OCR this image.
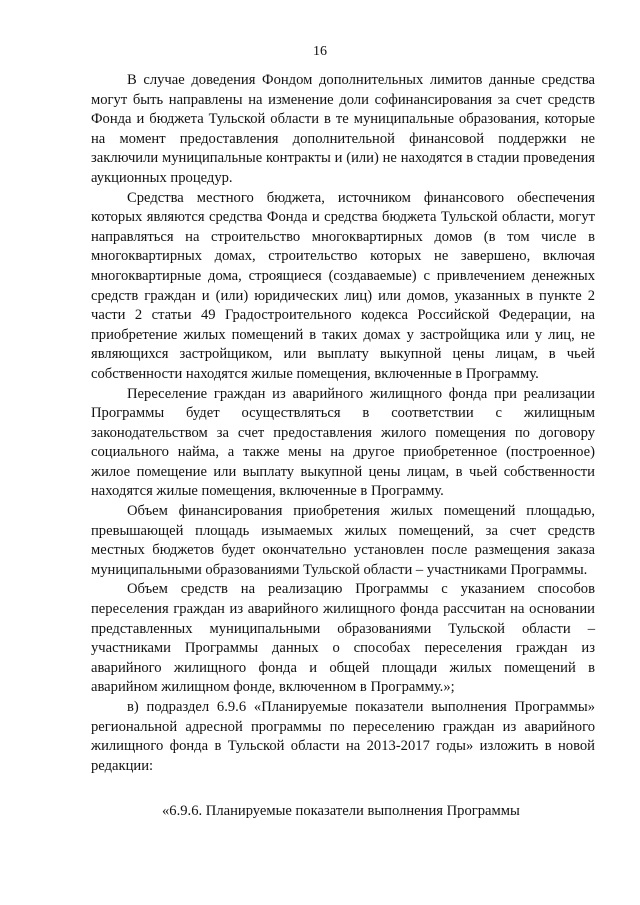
16

В случае доведения Фондом дополнительных лимитов данные средства могут быть направлены на изменение доли софинансирования за счет средств Фонда и бюджета Тульской области в те муниципальные образования, которые на момент предоставления дополнительной финансовой поддержки не заключили муниципальные контракты и (или) не находятся в стадии проведения аукционных процедур.

Средства местного бюджета, источником финансового обеспечения которых являются средства Фонда и средства бюджета Тульской области, могут направляться на строительство многоквартирных домов (в том числе в многоквартирных домах, строительство которых не завершено, включая многоквартирные дома, строящиеся (создаваемые) с привлечением денежных средств граждан и (или) юридических лиц) или домов, указанных в пункте 2 части 2 статьи 49 Градостроительного кодекса Российской Федерации, на приобретение жилых помещений в таких домах у застройщика или у лиц, не являющихся застройщиком, или выплату выкупной цены лицам, в чьей собственности находятся жилые помещения, включенные в Программу.

Переселение граждан из аварийного жилищного фонда при реализации Программы будет осуществляться в соответствии с жилищным законодательством за счет предоставления жилого помещения по договору социального найма, а также мены на другое приобретенное (построенное) жилое помещение или выплату выкупной цены лицам, в чьей собственности находятся жилые помещения, включенные в Программу.

Объем финансирования приобретения жилых помещений площадью, превышающей площадь изымаемых жилых помещений, за счет средств местных бюджетов будет окончательно установлен после размещения заказа муниципальными образованиями Тульской области – участниками Программы.

Объем средств на реализацию Программы с указанием способов переселения граждан из аварийного жилищного фонда рассчитан на основании представленных муниципальными образованиями Тульской области – участниками Программы данных о способах переселения граждан из аварийного жилищного фонда и общей площади жилых помещений в аварийном жилищном фонде, включенном в Программу.»;

в) подраздел 6.9.6 «Планируемые показатели выполнения Программы» региональной адресной программы по переселению граждан из аварийного жилищного фонда в Тульской области на 2013-2017 годы» изложить в новой редакции:

«6.9.6. Планируемые показатели выполнения Программы
